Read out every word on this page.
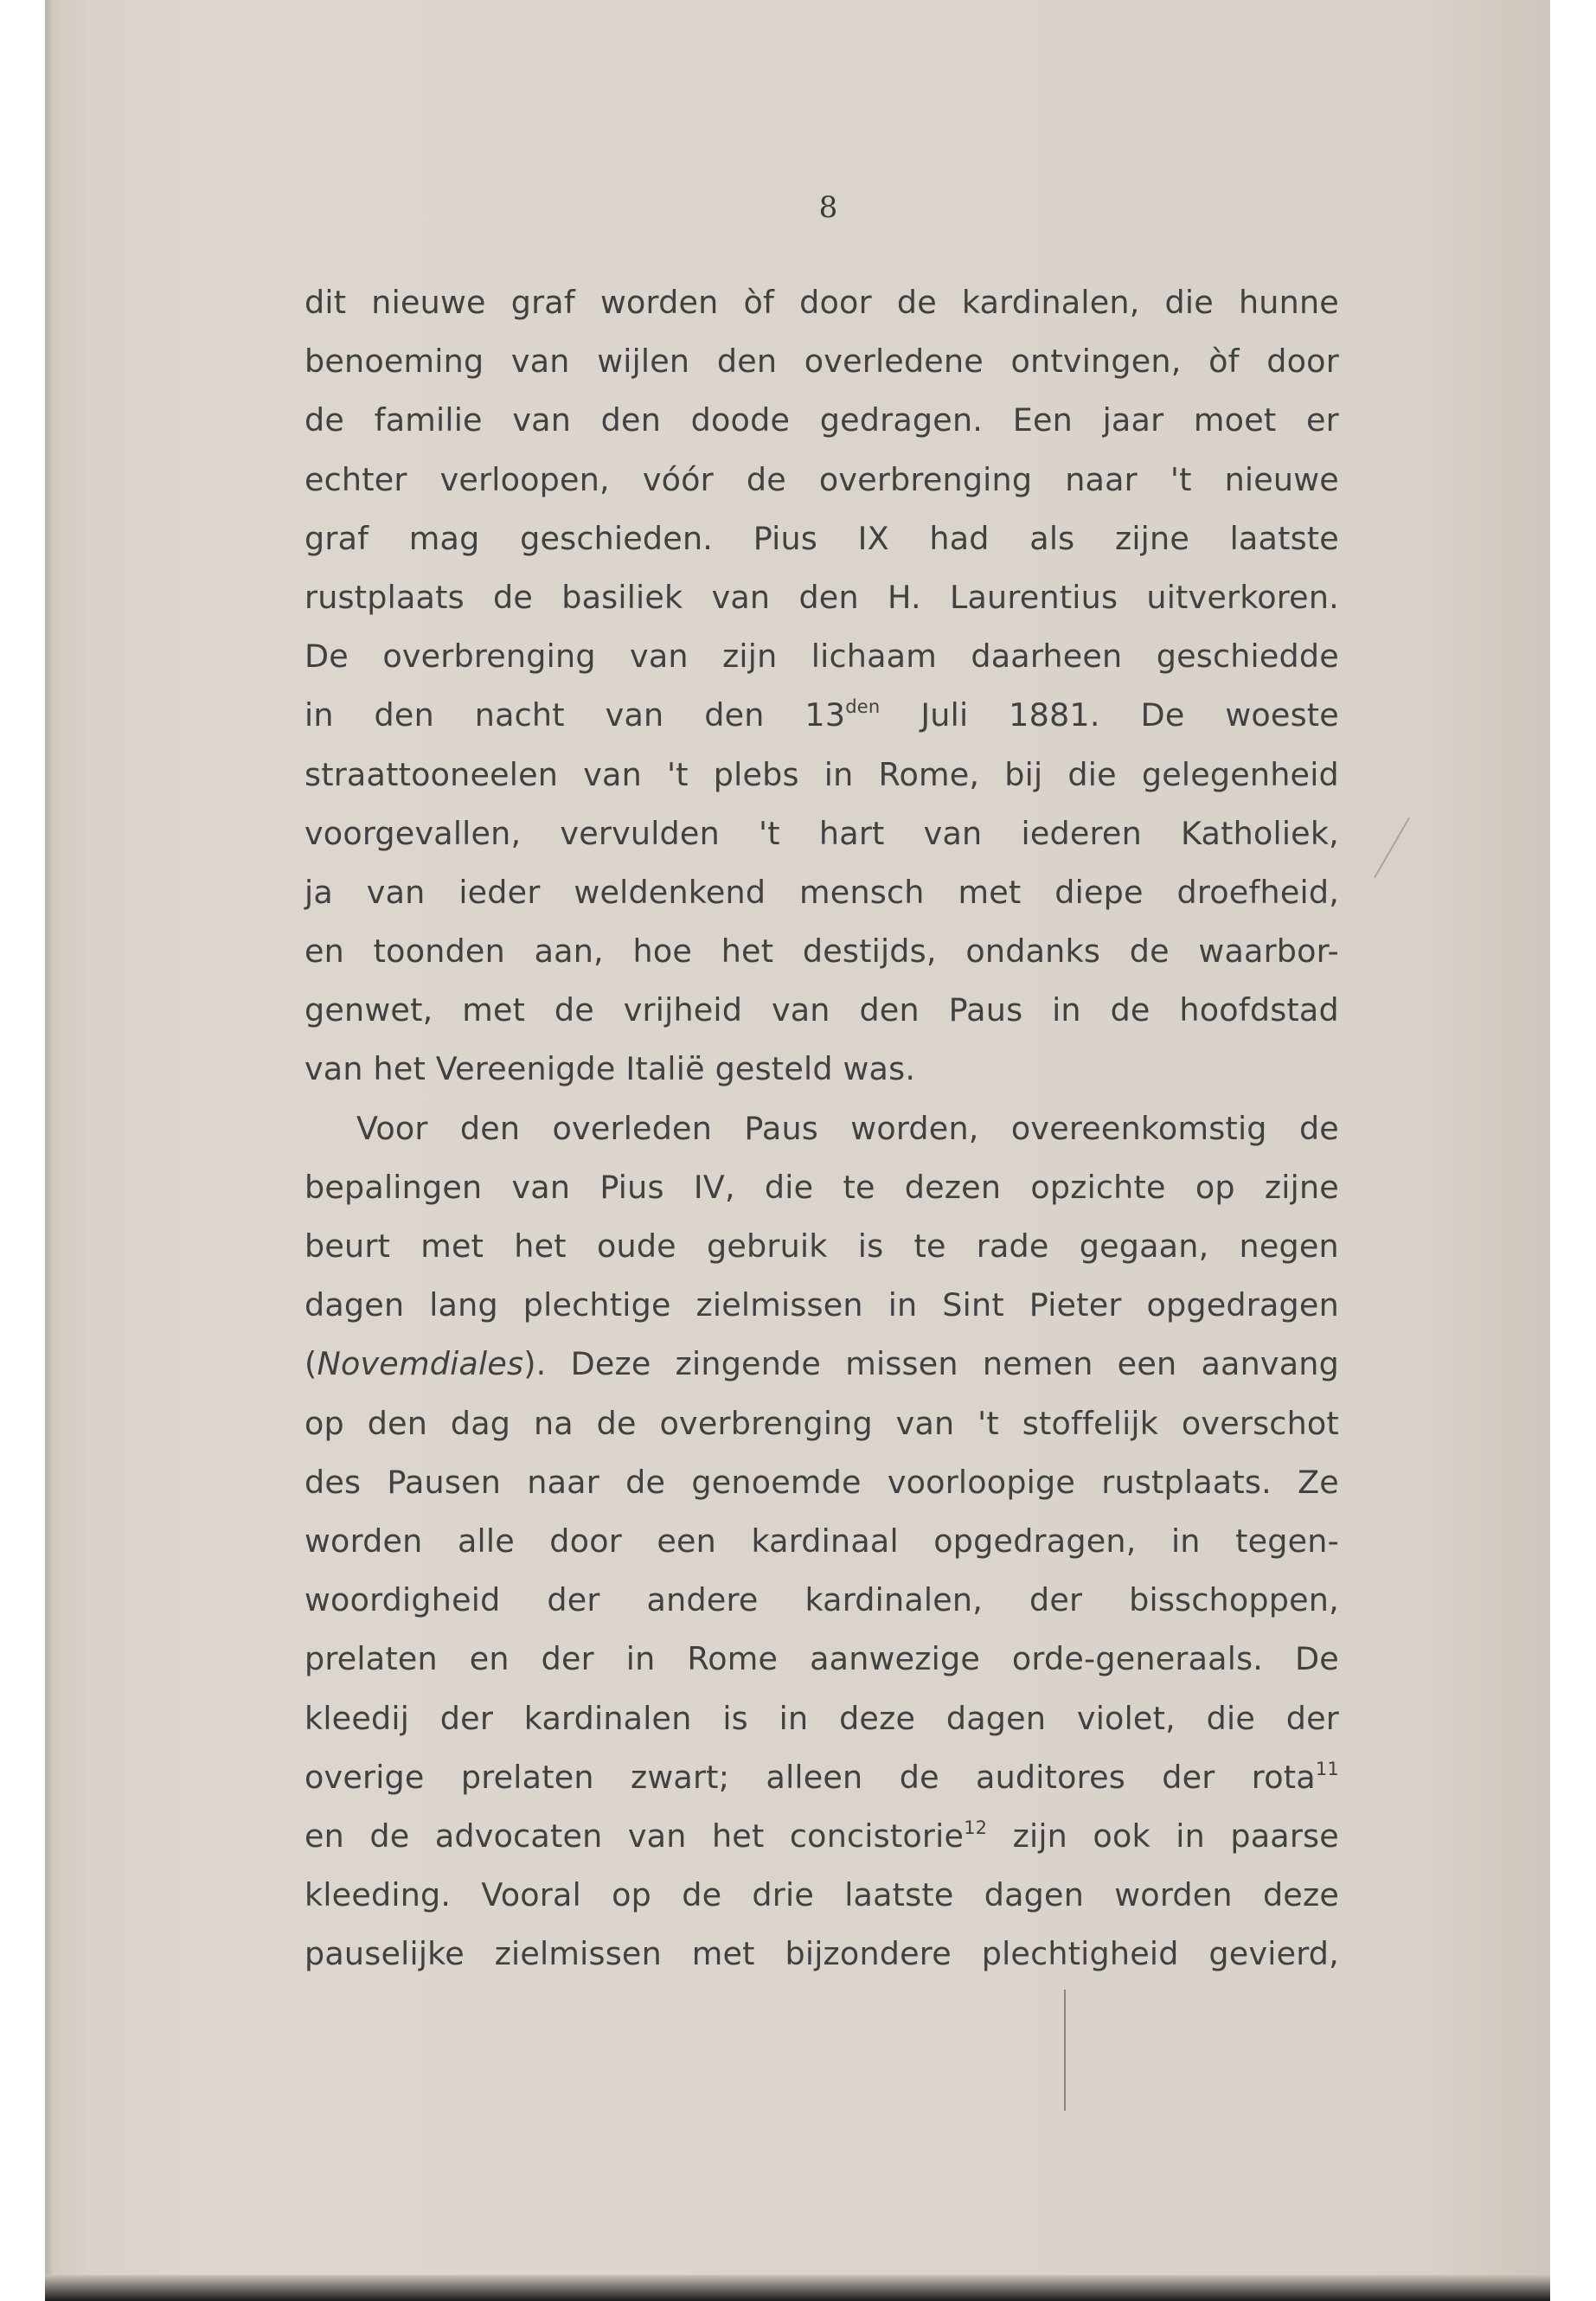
8
dit nieuwe graf worden òf door de kardinalen, die hunne
benoeming van wijlen den overledene ontvingen, òf door
de familie van den doode gedragen. Een jaar moet er
echter verloopen, vóór de overbrenging naar 't nieuwe
graf mag geschieden. Pius IX had als zijne laatste
rustplaats de basiliek van den H. Laurentius uitverkoren.
De overbrenging van zijn lichaam daarheen geschiedde
in den nacht van den $13^{den}$ Juli 1881. De woeste
straattooneelen van 't plebs in Rome, bij die gelegenheid
voorgevallen, vervulden 't hart van iederen Katholiek,
ja van ieder weldenkend mensch met diepe droefheid,
en toonden aan, hoe het destijds, ondanks de waarbor-
genwet, met de vrijheid van den Paus in de hoofdstad
van het Vereenigde Italië gesteld was.
Voor den overleden Paus worden, overeenkomstig de
bepalingen van Pius IV, die te dezen opzichte op zijne
beurt met het oude gebruik is te rade gegaan, negen
dagen lang plechtige zielmissen in Sint Pieter opgedragen
(Novemdiales). Deze zingende missen nemen een aanvang
op den dag na de overbrenging van 't stoffelijk overschot
des Pausen naar de genoemde voorloopige rustplaats. Ze
worden alle door een kardinaal opgedragen, in tegen-
woordigheid der andere kardinalen, der bisschoppen,
prelaten en der in Rome aanwezige orde-generaals. De
kleedij der kardinalen is in deze dagen violet, die der
overige prelaten zwart; alleen de auditores der rota$^{11}$
en de advocaten van het concistorie$^{12}$ zijn ook in paarse
kleeding. Vooral op de drie laatste dagen worden deze
pauselijke zielmissen met bijzondere plechtigheid gevierd,
